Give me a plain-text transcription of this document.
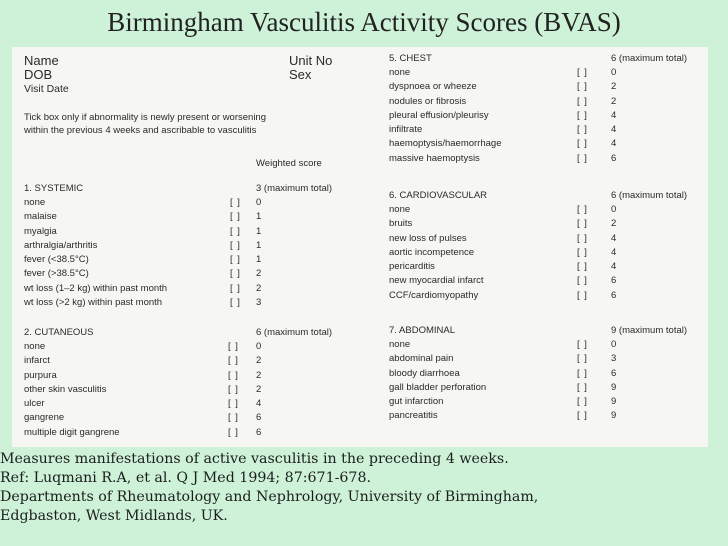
Birmingham Vasculitis Activity Scores (BVAS)
Name
DOB
Visit Date
Unit No
Sex
Tick box only if abnormality is newly present or worsening
within the previous 4 weeks and ascribable to vasculitis
Weighted score
1. SYSTEMIC	3 (maximum total)
none	[ ] 0
malaise	[ ] 1
myalgia	[ ] 1
arthralgia/arthritis	[ ] 1
fever (<38.5°C)	[ ] 1
fever (>38.5°C)	[ ] 2
wt loss (1–2 kg) within past month	[ ] 2
wt loss (>2 kg) within past month	[ ] 3
2. CUTANEOUS	6 (maximum total)
none	[ ] 0
infarct	[ ] 2
purpura	[ ] 2
other skin vasculitis	[ ] 2
ulcer	[ ] 4
gangrene	[ ] 6
multiple digit gangrene	[ ] 6
5. CHEST	6 (maximum total)
none	[ ] 0
dyspnoea or wheeze	[ ] 2
nodules or fibrosis	[ ] 2
pleural effusion/pleurisy	[ ] 4
infiltrate	[ ] 4
haemoptysis/haemorrhage	[ ] 4
massive haemoptysis	[ ] 6
6. CARDIOVASCULAR	6 (maximum total)
none	[ ] 0
bruits	[ ] 2
new loss of pulses	[ ] 4
aortic incompetence	[ ] 4
pericarditis	[ ] 4
new myocardial infarct	[ ] 6
CCF/cardiomyopathy	[ ] 6
7. ABDOMINAL	9 (maximum total)
none	[ ] 0
abdominal pain	[ ] 3
bloody diarrhoea	[ ] 6
gall bladder perforation	[ ] 9
gut infarction	[ ] 9
pancreatitis	[ ] 9
Measures manifestations of active vasculitis in the preceding 4 weeks.
Ref: Luqmani R.A, et al. Q J Med 1994; 87:671-678.
Departments of Rheumatology and Nephrology, University of Birmingham,
Edgbaston, West Midlands, UK.
